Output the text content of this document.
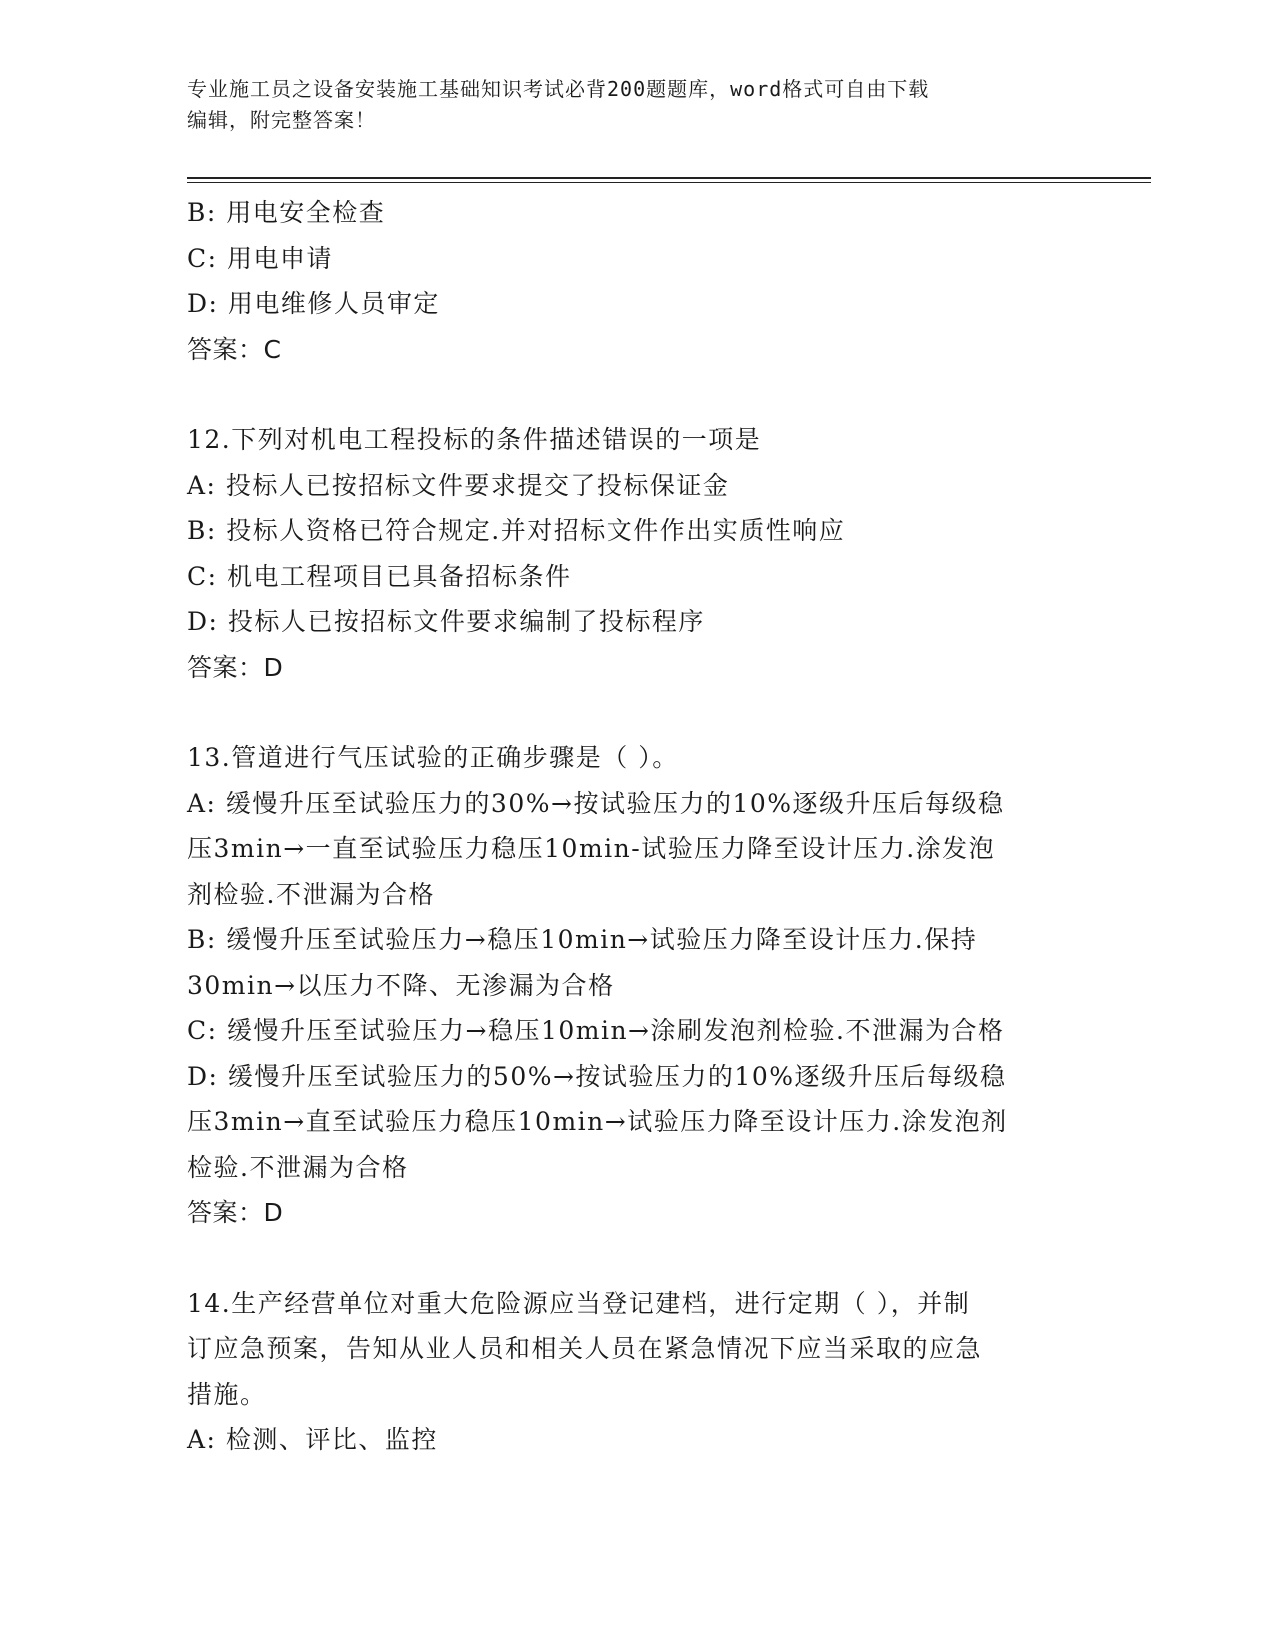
专业施工员之设备安装施工基础知识考试必背200题题库，word格式可自由下载
编辑，附完整答案！

B: 用电安全检查

C: 用电申请

D: 用电维修人员审定

答案：C

12.下列对机电工程投标的条件描述错误的一项是

A: 投标人已按招标文件要求提交了投标保证金

B: 投标人资格已符合规定.并对招标文件作出实质性响应

C: 机电工程项目已具备招标条件

D: 投标人已按招标文件要求编制了投标程序

答案：D

13.管道进行气压试验的正确步骤是（ ）。

A: 缓慢升压至试验压力的30%→按试验压力的10%逐级升压后每级稳

压3min→一直至试验压力稳压10min-试验压力降至设计压力.涂发泡

剂检验.不泄漏为合格

B: 缓慢升压至试验压力→稳压10min→试验压力降至设计压力.保持

30min→以压力不降、无渗漏为合格

C: 缓慢升压至试验压力→稳压10min→涂刷发泡剂检验.不泄漏为合格

D: 缓慢升压至试验压力的50%→按试验压力的10%逐级升压后每级稳

压3min→直至试验压力稳压10min→试验压力降至设计压力.涂发泡剂

检验.不泄漏为合格

答案：D

14.生产经营单位对重大危险源应当登记建档，进行定期（ ），并制

订应急预案，告知从业人员和相关人员在紧急情况下应当采取的应急

措施。

A: 检测、评比、监控
